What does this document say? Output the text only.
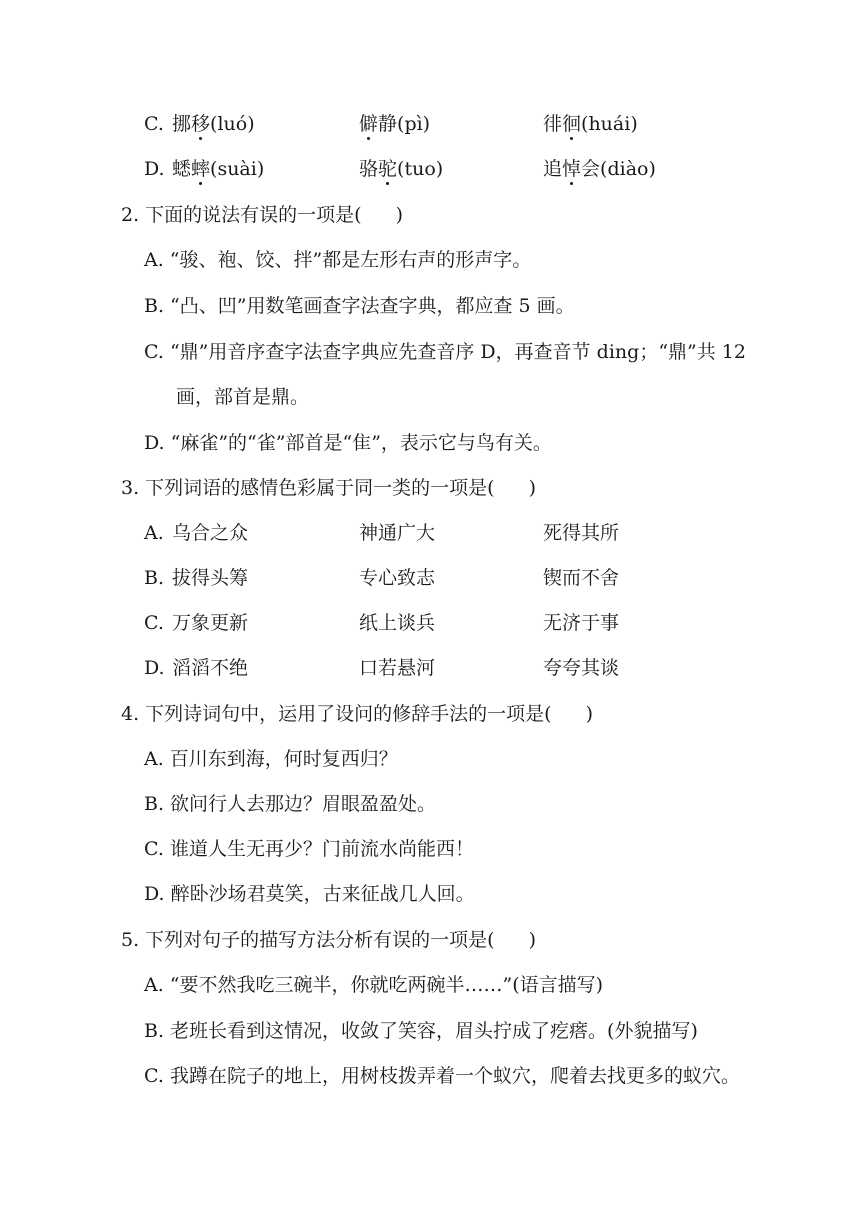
C. 挪移(luó)	僻静(pì)	徘徊(huái)
D. 蟋蟀(suài)	骆驼(tuo)	追悼会(diào)
2. 下面的说法有误的一项是( )
A. “骏、袍、饺、拌”都是左形右声的形声字。
B. “凸、凹”用数笔画查字法查字典，都应查 5 画。
C. “鼎”用音序查字法查字典应先查音序 D，再查音节 ding；“鼎”共 12
画，部首是鼎。
D. “麻雀”的“雀”部首是“隹”，表示它与鸟有关。
3. 下列词语的感情色彩属于同一类的一项是( )
A. 乌合之众	神通广大	死得其所
B. 拔得头筹	专心致志	锲而不舍
C. 万象更新	纸上谈兵	无济于事
D. 滔滔不绝	口若悬河	夸夸其谈
4. 下列诗词句中，运用了设问的修辞手法的一项是( )
A. 百川东到海，何时复西归？
B. 欲问行人去那边？眉眼盈盈处。
C. 谁道人生无再少？门前流水尚能西！
D. 醉卧沙场君莫笑，古来征战几人回。
5. 下列对句子的描写方法分析有误的一项是( )
A. “要不然我吃三碗半，你就吃两碗半……”(语言描写)
B. 老班长看到这情况，收敛了笑容，眉头拧成了疙瘩。(外貌描写)
C. 我蹲在院子的地上，用树枝拨弄着一个蚁穴，爬着去找更多的蚁穴。
